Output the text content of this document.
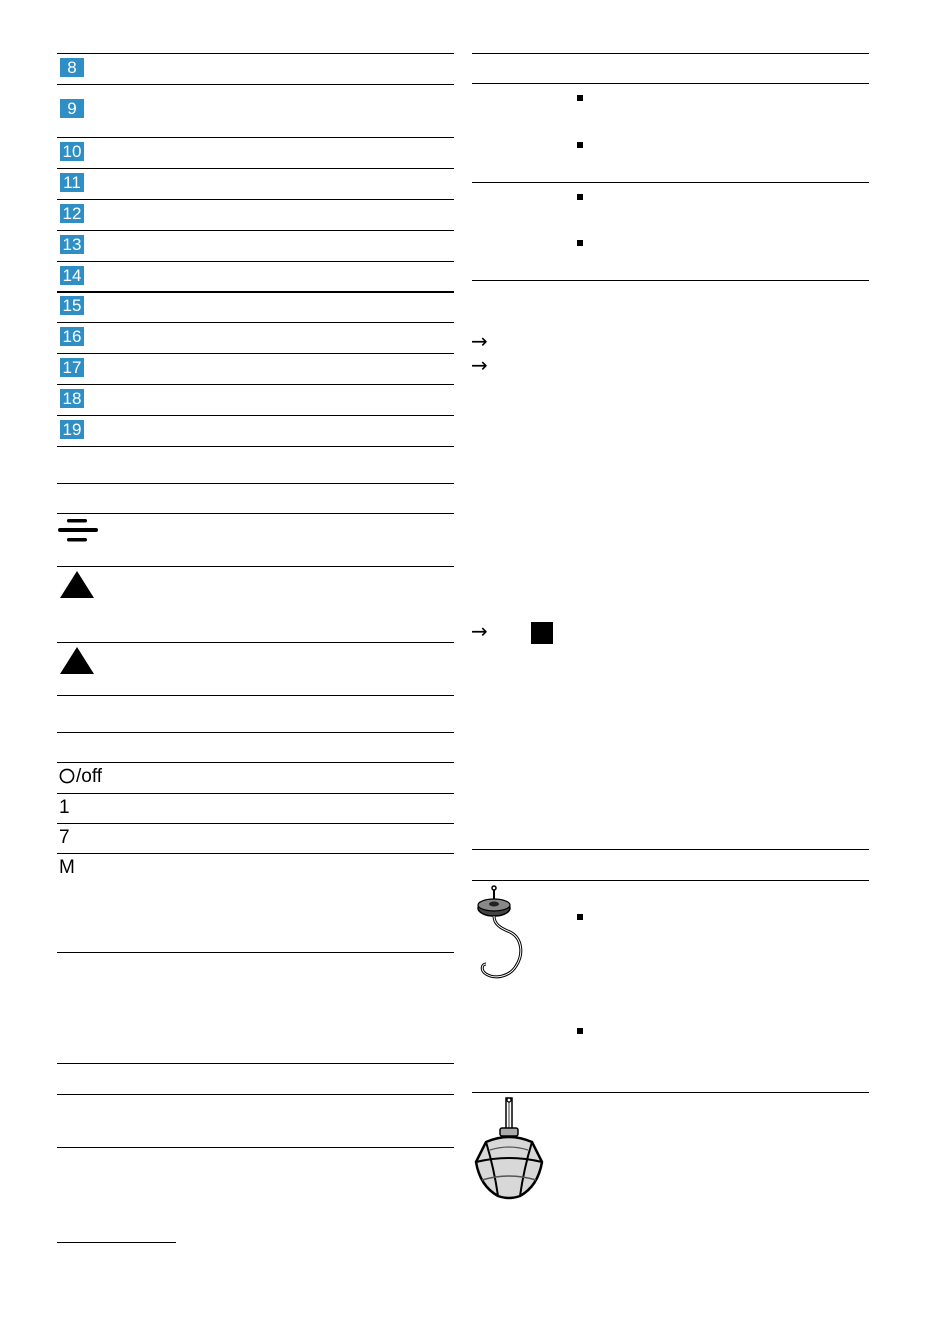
8
9
10
11
12
13
14
15
16
17
18
19
/off
1
7
M
→
→
→
